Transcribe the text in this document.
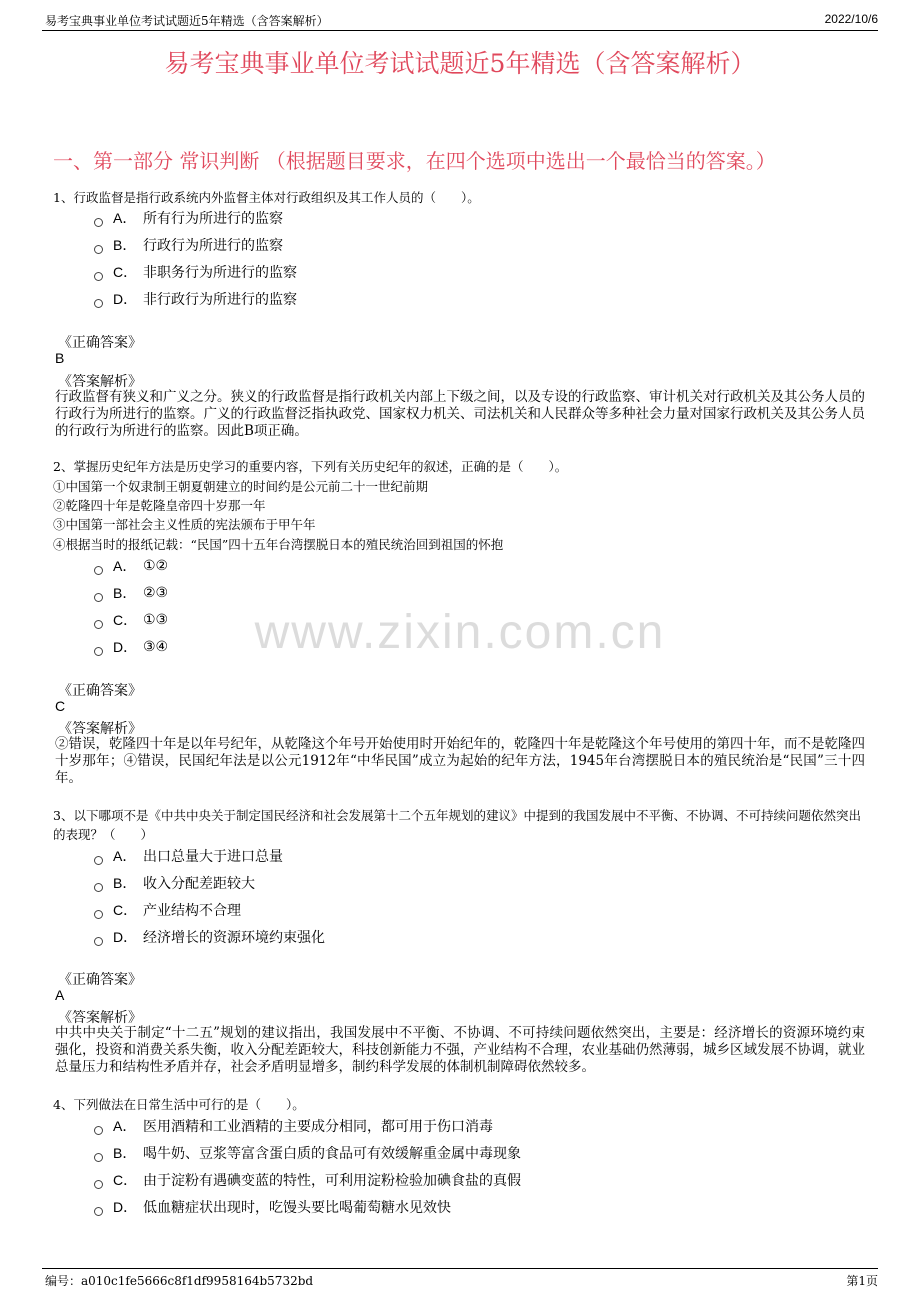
易考宝典事业单位考试试题近5年精选（含答案解析）	2022/10/6
易考宝典事业单位考试试题近5年精选（含答案解析）
一、第一部分 常识判断 （根据题目要求，在四个选项中选出一个最恰当的答案。）
www.zixin.com.cn
1、行政监督是指行政系统内外监督主体对行政组织及其工作人员的（　　）。
A． 所有行为所进行的监察
B． 行政行为所进行的监察
C． 非职务行为所进行的监察
D． 非行政行为所进行的监察
《正确答案》
B
《答案解析》
行政监督有狭义和广义之分。狭义的行政监督是指行政机关内部上下级之间，以及专设的行政监察、审计机关对行政机关及其公务人员的行政行为所进行的监察。广义的行政监督泛指执政党、国家权力机关、司法机关和人民群众等多种社会力量对国家行政机关及其公务人员的行政行为所进行的监察。因此B项正确。
2、掌握历史纪年方法是历史学习的重要内容，下列有关历史纪年的叙述，正确的是（　　）。
①中国第一个奴隶制王朝夏朝建立的时间约是公元前二十一世纪前期
②乾隆四十年是乾隆皇帝四十岁那一年
③中国第一部社会主义性质的宪法颁布于甲午年
④根据当时的报纸记载：“民国”四十五年台湾摆脱日本的殖民统治回到祖国的怀抱
A． ①②
B． ②③
C． ①③
D． ③④
《正确答案》
C
《答案解析》
②错误，乾隆四十年是以年号纪年，从乾隆这个年号开始使用时开始纪年的，乾隆四十年是乾隆这个年号使用的第四十年，而不是乾隆四十岁那年；④错误，民国纪年法是以公元1912年“中华民国”成立为起始的纪年方法，1945年台湾摆脱日本的殖民统治是“民国”三十四年。
3、以下哪项不是《中共中央关于制定国民经济和社会发展第十二个五年规划的建议》中提到的我国发展中不平衡、不协调、不可持续问题依然突出的表现？（　　）
A． 出口总量大于进口总量
B． 收入分配差距较大
C． 产业结构不合理
D． 经济增长的资源环境约束强化
《正确答案》
A
《答案解析》
中共中央关于制定“十二五”规划的建议指出，我国发展中不平衡、不协调、不可持续问题依然突出，主要是：经济增长的资源环境约束强化，投资和消费关系失衡，收入分配差距较大，科技创新能力不强，产业结构不合理，农业基础仍然薄弱，城乡区域发展不协调，就业总量压力和结构性矛盾并存，社会矛盾明显增多，制约科学发展的体制机制障碍依然较多。
4、下列做法在日常生活中可行的是（　　）。
A． 医用酒精和工业酒精的主要成分相同，都可用于伤口消毒
B． 喝牛奶、豆浆等富含蛋白质的食品可有效缓解重金属中毒现象
C． 由于淀粉有遇碘变蓝的特性，可利用淀粉检验加碘食盐的真假
D． 低血糖症状出现时，吃馒头要比喝葡萄糖水见效快
编号：a010c1fe5666c8f1df9958164b5732bd	第1页
